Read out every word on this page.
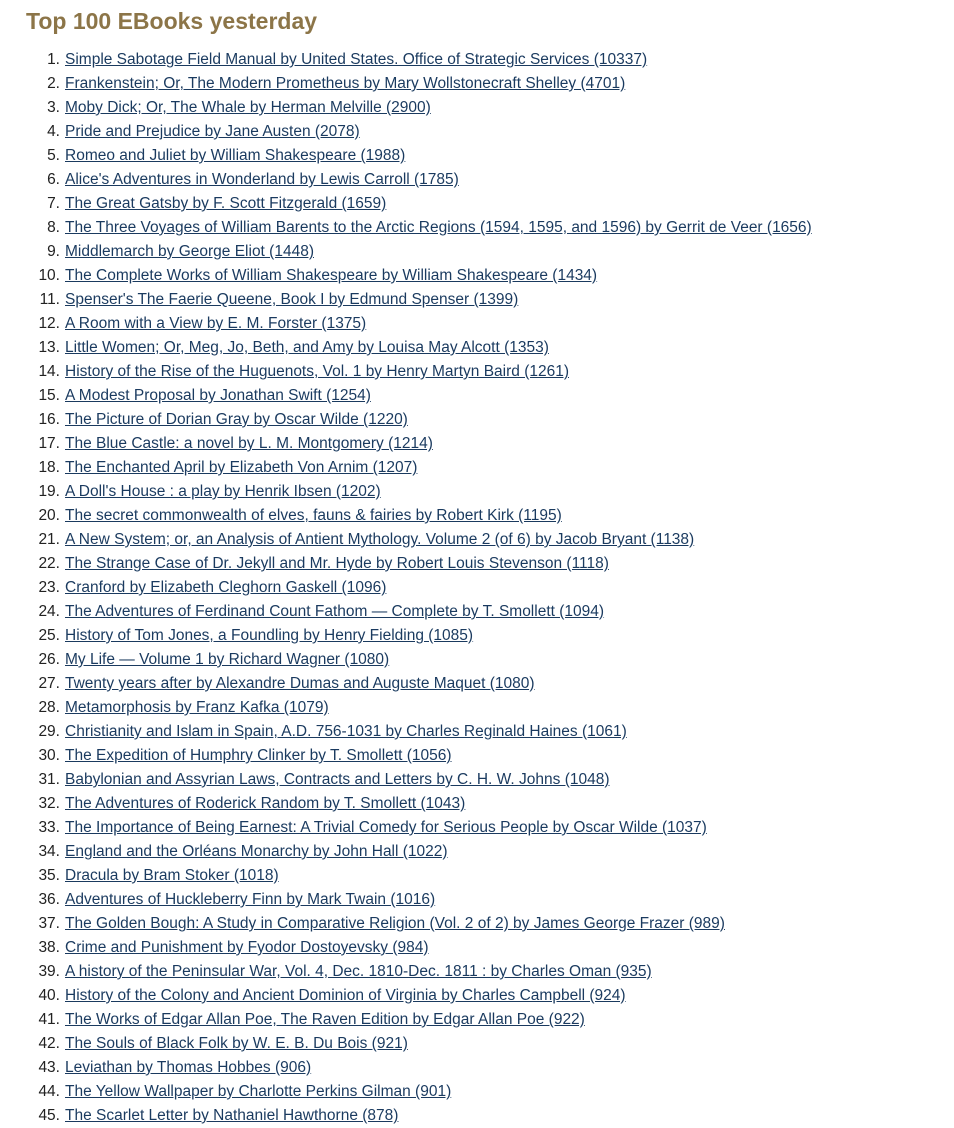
Top 100 EBooks yesterday
1. Simple Sabotage Field Manual by United States. Office of Strategic Services (10337)
2. Frankenstein; Or, The Modern Prometheus by Mary Wollstonecraft Shelley (4701)
3. Moby Dick; Or, The Whale by Herman Melville (2900)
4. Pride and Prejudice by Jane Austen (2078)
5. Romeo and Juliet by William Shakespeare (1988)
6. Alice's Adventures in Wonderland by Lewis Carroll (1785)
7. The Great Gatsby by F. Scott Fitzgerald (1659)
8. The Three Voyages of William Barents to the Arctic Regions (1594, 1595, and 1596) by Gerrit de Veer (1656)
9. Middlemarch by George Eliot (1448)
10. The Complete Works of William Shakespeare by William Shakespeare (1434)
11. Spenser's The Faerie Queene, Book I by Edmund Spenser (1399)
12. A Room with a View by E. M. Forster (1375)
13. Little Women; Or, Meg, Jo, Beth, and Amy by Louisa May Alcott (1353)
14. History of the Rise of the Huguenots, Vol. 1 by Henry Martyn Baird (1261)
15. A Modest Proposal by Jonathan Swift (1254)
16. The Picture of Dorian Gray by Oscar Wilde (1220)
17. The Blue Castle: a novel by L. M. Montgomery (1214)
18. The Enchanted April by Elizabeth Von Arnim (1207)
19. A Doll's House : a play by Henrik Ibsen (1202)
20. The secret commonwealth of elves, fauns & fairies by Robert Kirk (1195)
21. A New System; or, an Analysis of Antient Mythology. Volume 2 (of 6) by Jacob Bryant (1138)
22. The Strange Case of Dr. Jekyll and Mr. Hyde by Robert Louis Stevenson (1118)
23. Cranford by Elizabeth Cleghorn Gaskell (1096)
24. The Adventures of Ferdinand Count Fathom — Complete by T. Smollett (1094)
25. History of Tom Jones, a Foundling by Henry Fielding (1085)
26. My Life — Volume 1 by Richard Wagner (1080)
27. Twenty years after by Alexandre Dumas and Auguste Maquet (1080)
28. Metamorphosis by Franz Kafka (1079)
29. Christianity and Islam in Spain, A.D. 756-1031 by Charles Reginald Haines (1061)
30. The Expedition of Humphry Clinker by T. Smollett (1056)
31. Babylonian and Assyrian Laws, Contracts and Letters by C. H. W. Johns (1048)
32. The Adventures of Roderick Random by T. Smollett (1043)
33. The Importance of Being Earnest: A Trivial Comedy for Serious People by Oscar Wilde (1037)
34. England and the Orléans Monarchy by John Hall (1022)
35. Dracula by Bram Stoker (1018)
36. Adventures of Huckleberry Finn by Mark Twain (1016)
37. The Golden Bough: A Study in Comparative Religion (Vol. 2 of 2) by James George Frazer (989)
38. Crime and Punishment by Fyodor Dostoyevsky (984)
39. A history of the Peninsular War, Vol. 4, Dec. 1810-Dec. 1811 : by Charles Oman (935)
40. History of the Colony and Ancient Dominion of Virginia by Charles Campbell (924)
41. The Works of Edgar Allan Poe, The Raven Edition by Edgar Allan Poe (922)
42. The Souls of Black Folk by W. E. B. Du Bois (921)
43. Leviathan by Thomas Hobbes (906)
44. The Yellow Wallpaper by Charlotte Perkins Gilman (901)
45. The Scarlet Letter by Nathaniel Hawthorne (878)
